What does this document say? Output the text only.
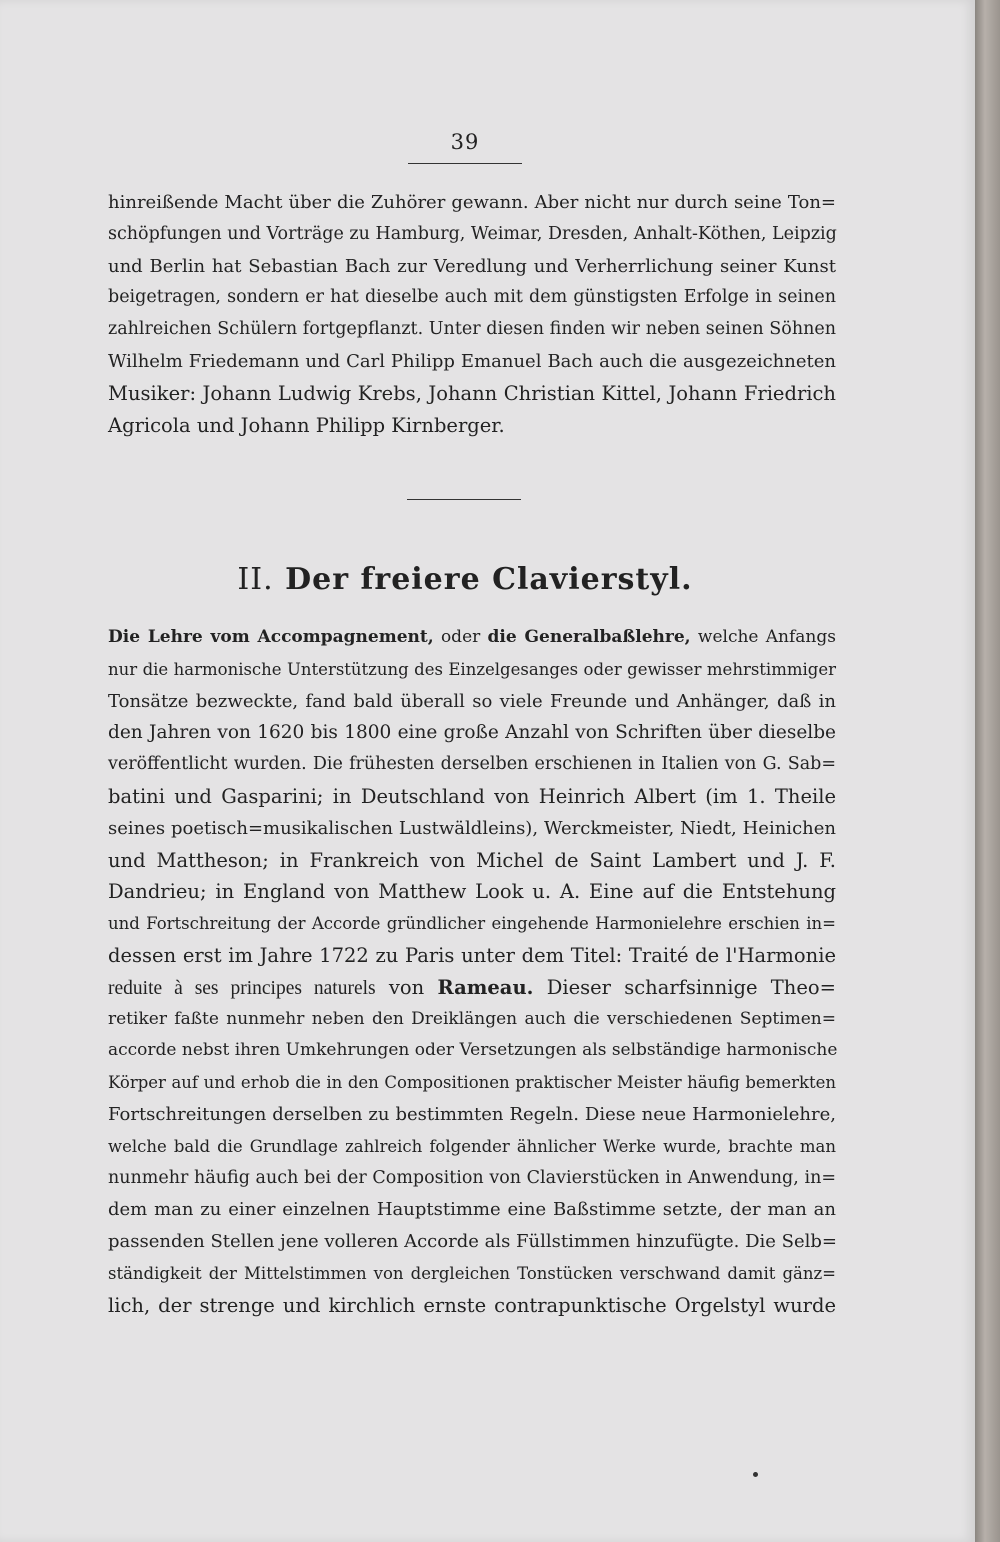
39
hinreißende Macht über die Zuhörer gewann. Aber nicht nur durch seine Ton=
schöpfungen und Vorträge zu Hamburg, Weimar, Dresden, Anhalt-Köthen, Leipzig
und Berlin hat Sebastian Bach zur Veredlung und Verherrlichung seiner Kunst
beigetragen, sondern er hat dieselbe auch mit dem günstigsten Erfolge in seinen
zahlreichen Schülern fortgepflanzt. Unter diesen finden wir neben seinen Söhnen
Wilhelm Friedemann und Carl Philipp Emanuel Bach auch die ausgezeichneten
Musiker: Johann Ludwig Krebs, Johann Christian Kittel, Johann Friedrich
Agricola und Johann Philipp Kirnberger.
II. Der freiere Clavierstyl.
Die Lehre vom Accompagnement, oder die Generalbaßlehre, welche Anfangs
nur die harmonische Unterstützung des Einzelgesanges oder gewisser mehrstimmiger
Tonsätze bezweckte, fand bald überall so viele Freunde und Anhänger, daß in
den Jahren von 1620 bis 1800 eine große Anzahl von Schriften über dieselbe
veröffentlicht wurden. Die frühesten derselben erschienen in Italien von G. Sab=
batini und Gasparini; in Deutschland von Heinrich Albert (im 1. Theile
seines poetisch=musikalischen Lustwäldleins), Werckmeister, Niedt, Heinichen
und Mattheson; in Frankreich von Michel de Saint Lambert und J. F.
Dandrieu; in England von Matthew Look u. A. Eine auf die Entstehung
und Fortschreitung der Accorde gründlicher eingehende Harmonielehre erschien in=
dessen erst im Jahre 1722 zu Paris unter dem Titel: Traité de l'Harmonie
reduite à ses principes naturels von Rameau. Dieser scharfsinnige Theo=
retiker faßte nunmehr neben den Dreiklängen auch die verschiedenen Septimen=
accorde nebst ihren Umkehrungen oder Versetzungen als selbständige harmonische
Körper auf und erhob die in den Compositionen praktischer Meister häufig bemerkten
Fortschreitungen derselben zu bestimmten Regeln. Diese neue Harmonielehre,
welche bald die Grundlage zahlreich folgender ähnlicher Werke wurde, brachte man
nunmehr häufig auch bei der Composition von Clavierstücken in Anwendung, in=
dem man zu einer einzelnen Hauptstimme eine Baßstimme setzte, der man an
passenden Stellen jene volleren Accorde als Füllstimmen hinzufügte. Die Selb=
ständigkeit der Mittelstimmen von dergleichen Tonstücken verschwand damit gänz=
lich, der strenge und kirchlich ernste contrapunktische Orgelstyl wurde
